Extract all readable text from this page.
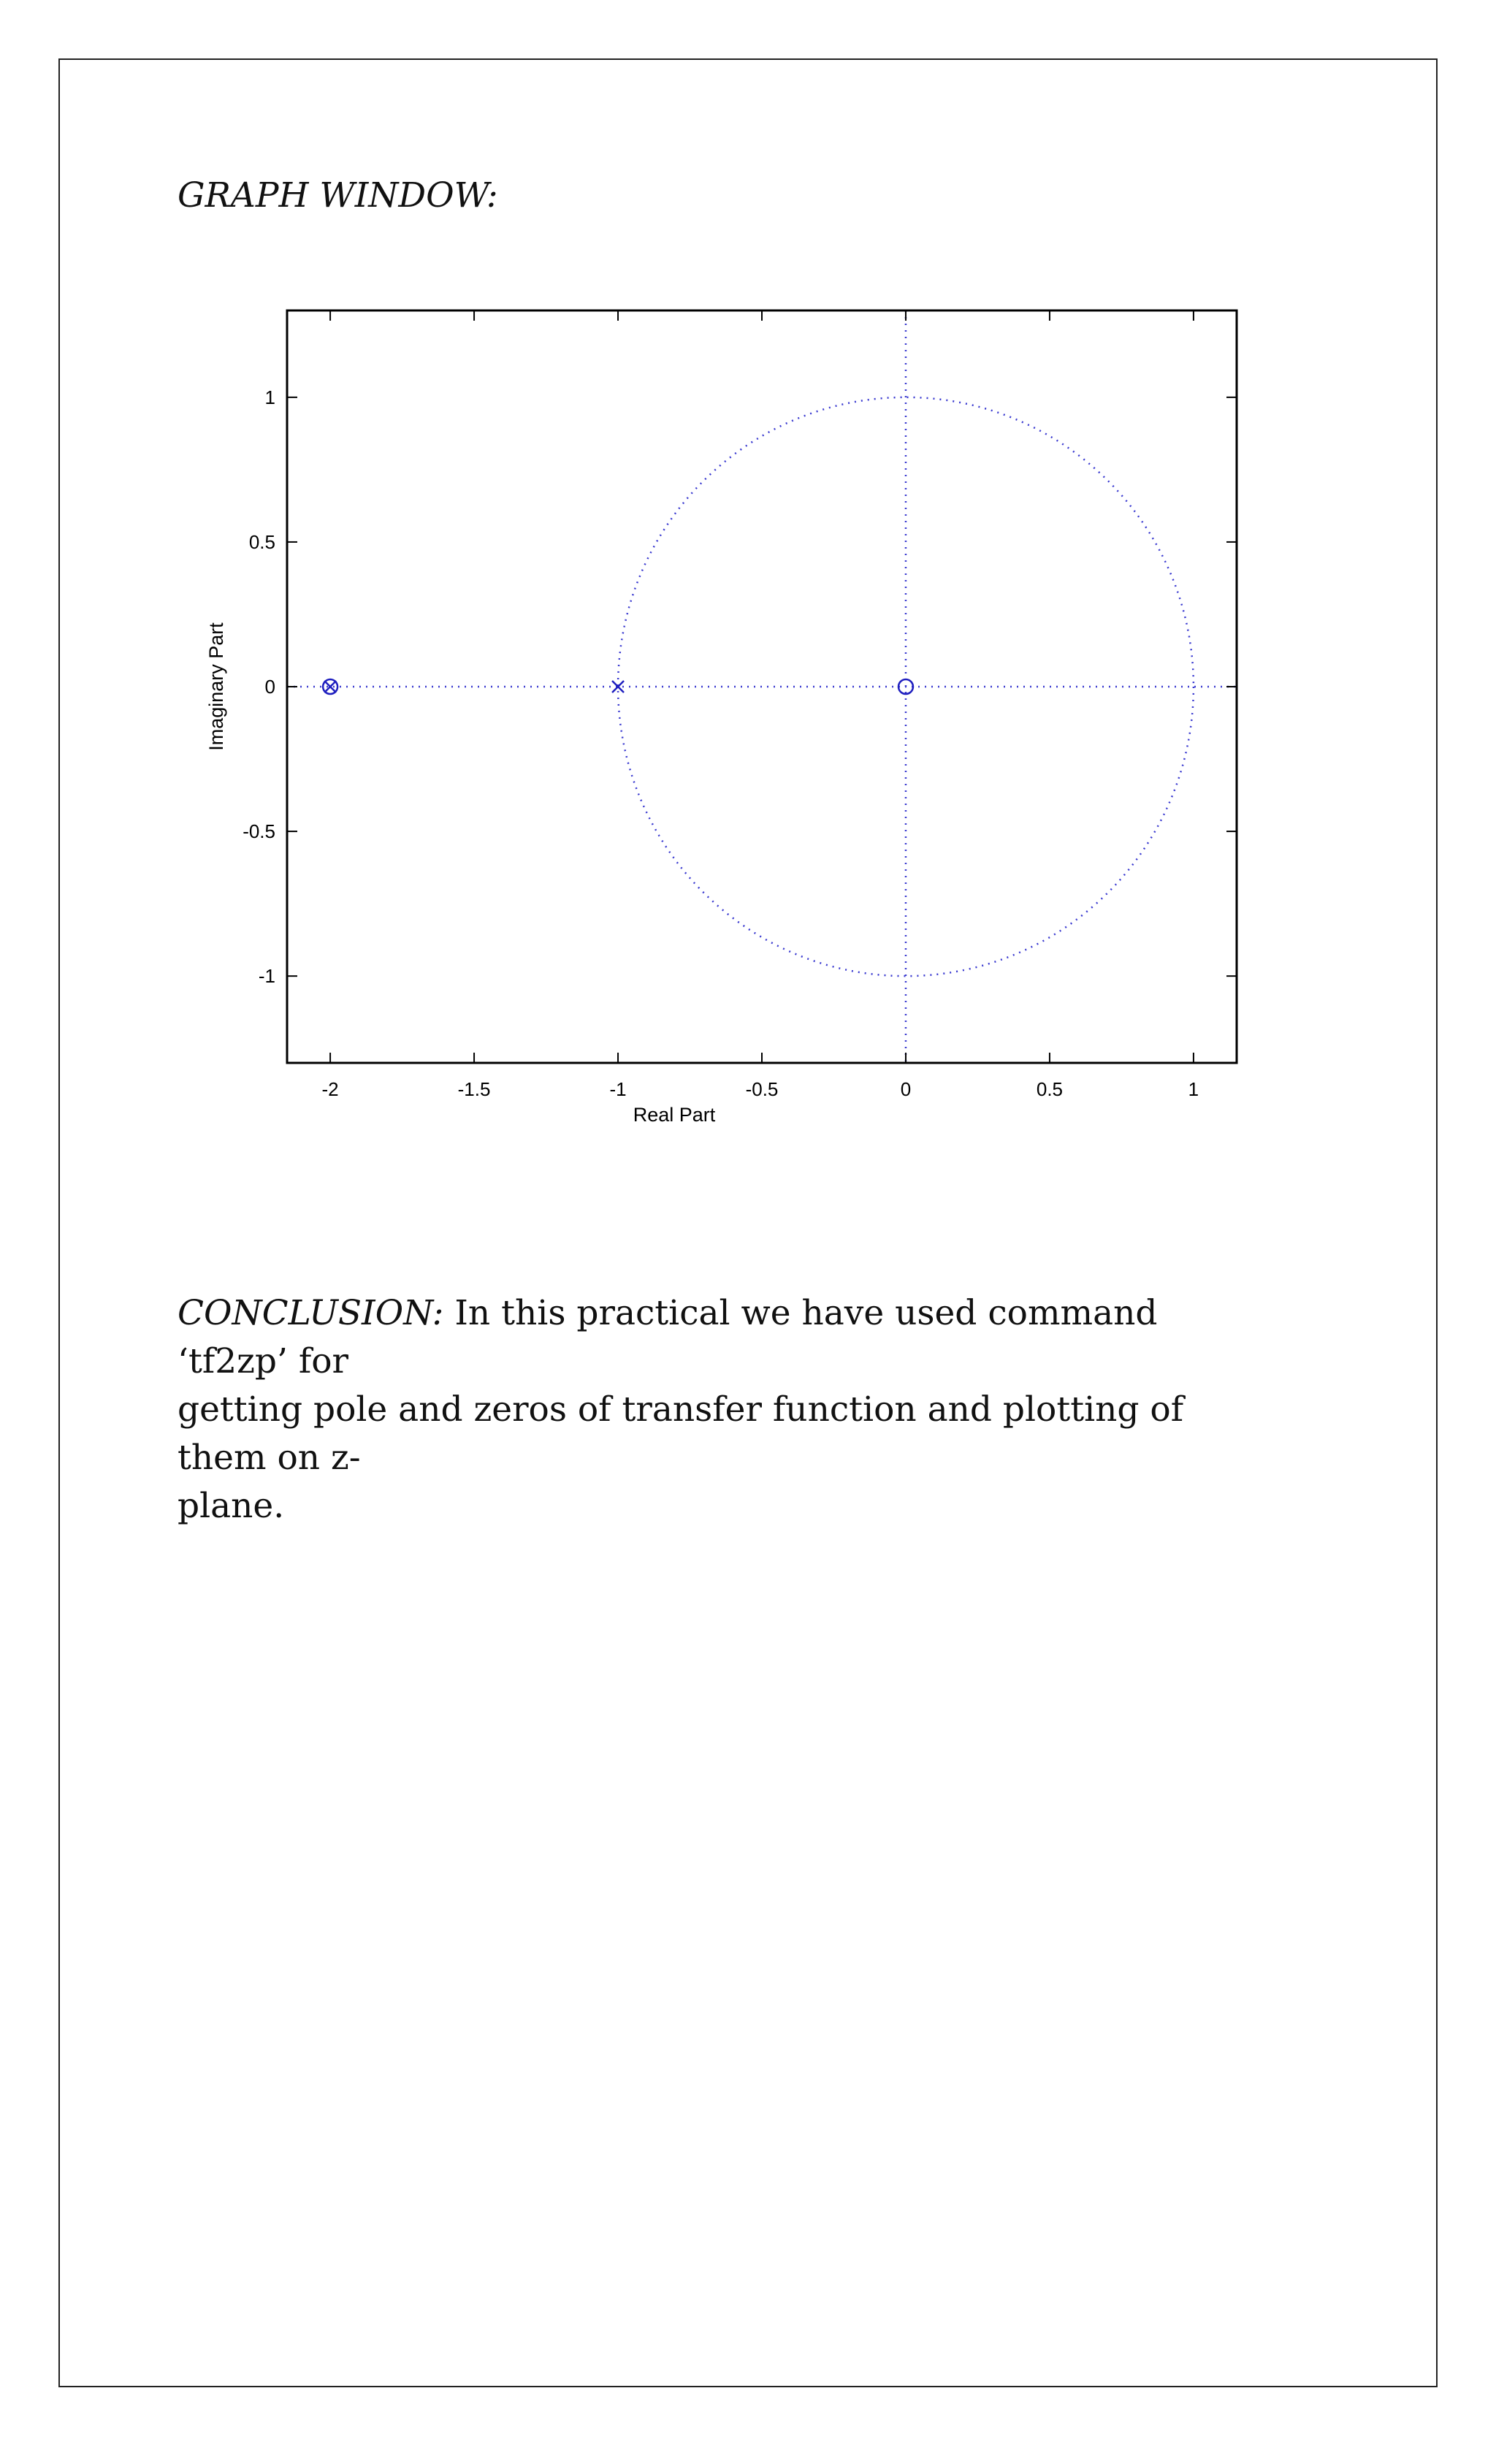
GRAPH WINDOW:
-2	-1.5	-1	-0.5	0	0.5	1
-1
-0.5
0
0.5
1
Real Part
Imaginary Part
CONCLUSION: In this practical we have used command ‘tf2zp’ for
getting pole and zeros of transfer function and plotting of them on z-
plane.
